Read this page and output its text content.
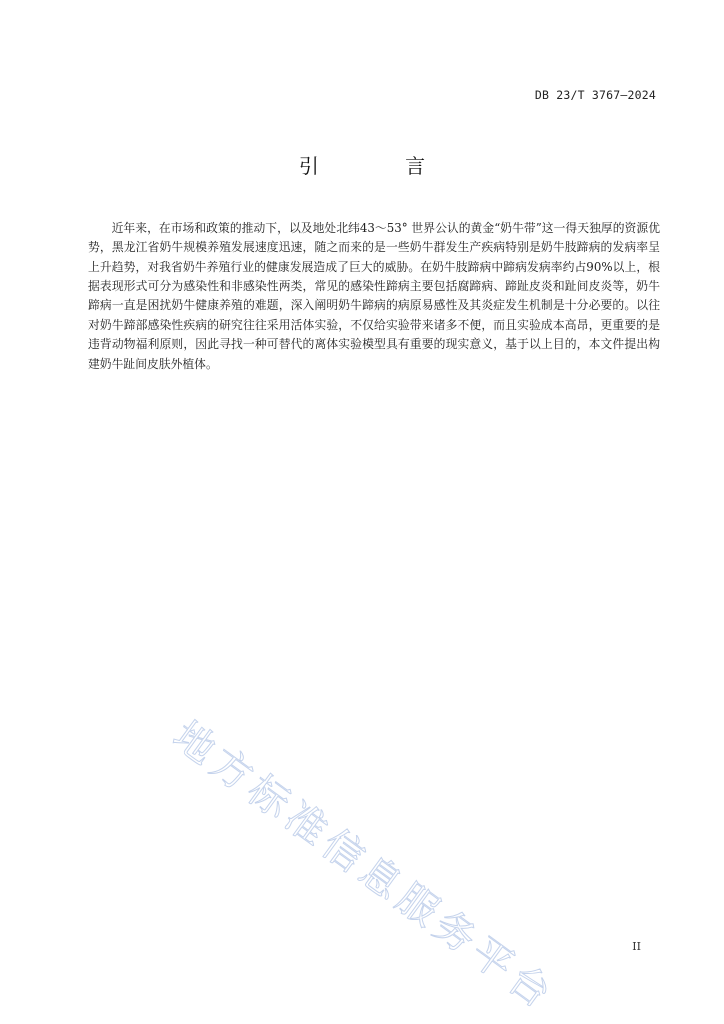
DB 23/T 3767—2024
引 言

近年来，在市场和政策的推动下，以及地处北纬43～53° 世界公认的黄金“奶牛带”这一得天独厚的资源优势，黑龙江省奶牛规模养殖发展速度迅速，随之而来的是一些奶牛群发生产疾病特别是奶牛肢蹄病的发病率呈上升趋势，对我省奶牛养殖行业的健康发展造成了巨大的威胁。在奶牛肢蹄病中蹄病发病率约占90%以上，根据表现形式可分为感染性和非感染性两类，常见的感染性蹄病主要包括腐蹄病、蹄趾皮炎和趾间皮炎等，奶牛蹄病一直是困扰奶牛健康养殖的难题，深入阐明奶牛蹄病的病原易感性及其炎症发生机制是十分必要的。以往对奶牛蹄部感染性疾病的研究往往采用活体实验，不仅给实验带来诸多不便，而且实验成本高昂，更重要的是违背动物福利原则，因此寻找一种可替代的离体实验模型具有重要的现实意义，基于以上目的，本文件提出构建奶牛趾间皮肤外植体。

地方标准信息服务平台	II
